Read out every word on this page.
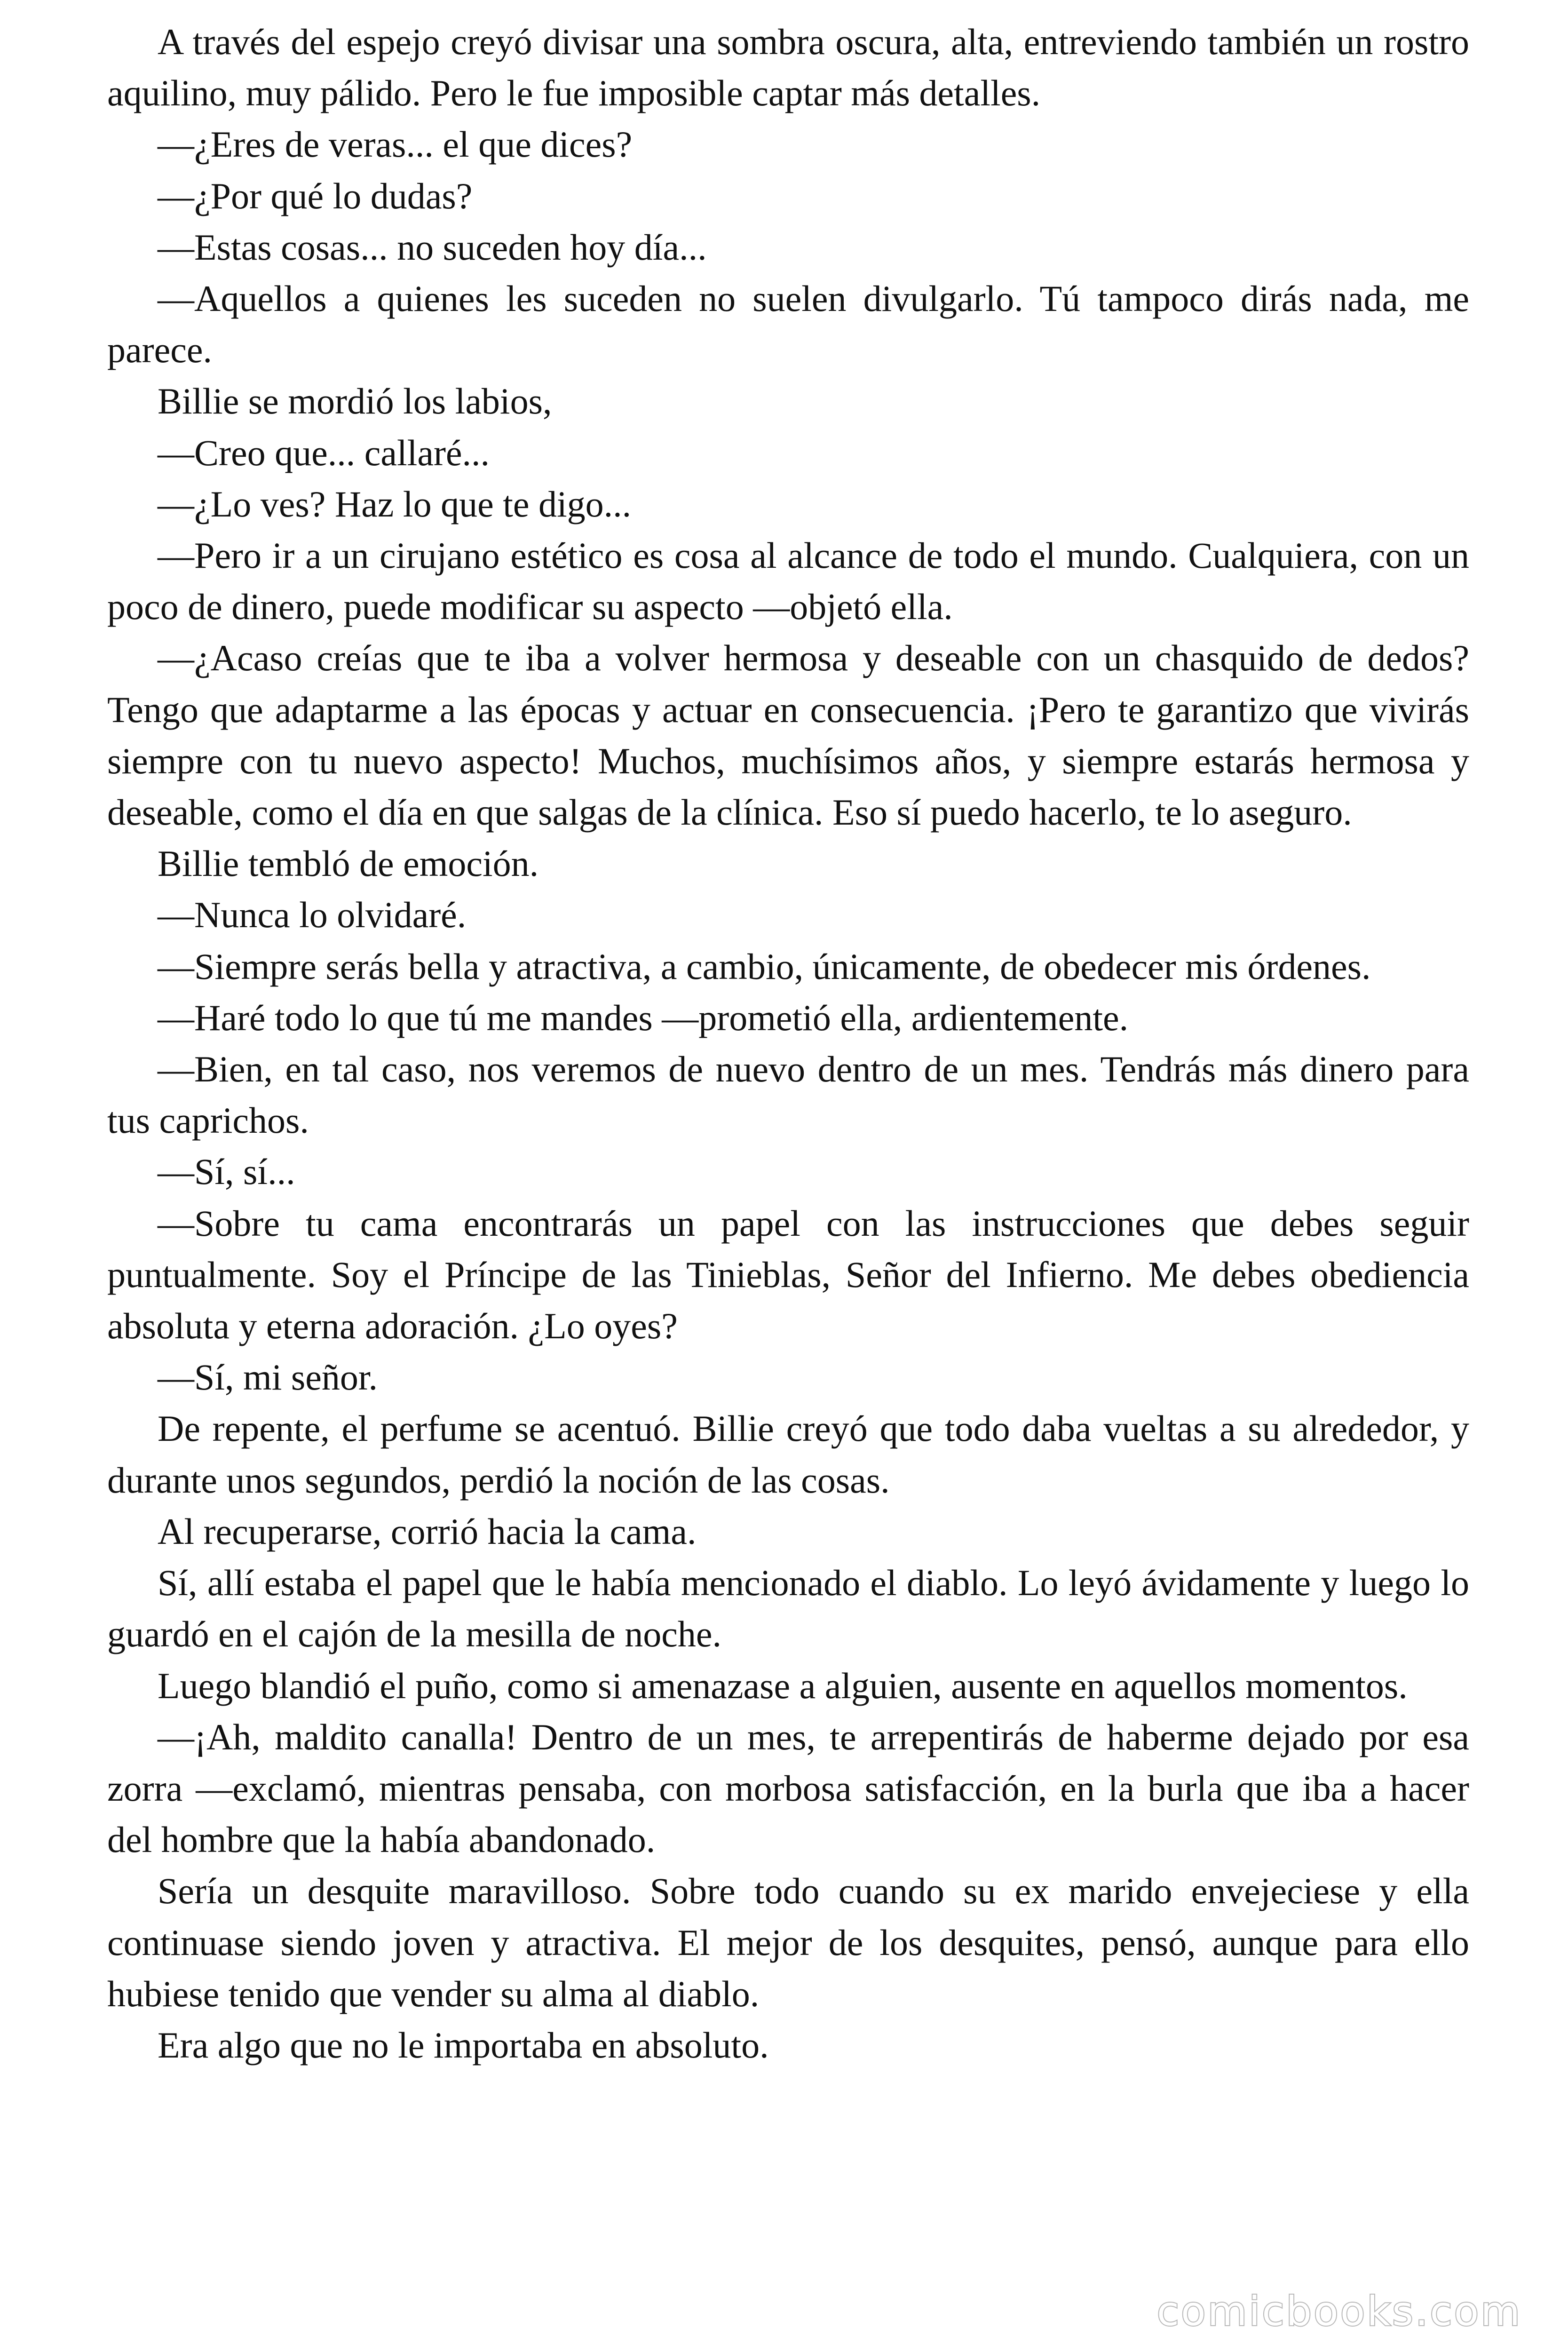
A través del espejo creyó divisar una sombra oscura, alta, entreviendo también un rostro aquilino, muy pálido. Pero le fue imposible captar más detalles.

—¿Eres de veras... el que dices?

—¿Por qué lo dudas?

—Estas cosas... no suceden hoy día...

—Aquellos a quienes les suceden no suelen divulgarlo. Tú tampoco dirás nada, me parece.

Billie se mordió los labios,

—Creo que... callaré...

—¿Lo ves? Haz lo que te digo...

—Pero ir a un cirujano estético es cosa al alcance de todo el mundo. Cualquiera, con un poco de dinero, puede modificar su aspecto —objetó ella.

—¿Acaso creías que te iba a volver hermosa y deseable con un chasquido de dedos? Tengo que adaptarme a las épocas y actuar en consecuencia. ¡Pero te garantizo que vivirás siempre con tu nuevo aspecto! Muchos, muchísimos años, y siempre estarás hermosa y deseable, como el día en que salgas de la clínica. Eso sí puedo hacerlo, te lo aseguro.

Billie tembló de emoción.

—Nunca lo olvidaré.

—Siempre serás bella y atractiva, a cambio, únicamente, de obedecer mis órdenes.

—Haré todo lo que tú me mandes —prometió ella, ardientemente.

—Bien, en tal caso, nos veremos de nuevo dentro de un mes. Tendrás más dinero para tus caprichos.

—Sí, sí...

—Sobre tu cama encontrarás un papel con las instrucciones que debes seguir puntualmente. Soy el Príncipe de las Tinieblas, Señor del Infierno. Me debes obediencia absoluta y eterna adoración. ¿Lo oyes?

—Sí, mi señor.

De repente, el perfume se acentuó. Billie creyó que todo daba vueltas a su alrededor, y durante unos segundos, perdió la noción de las cosas.

Al recuperarse, corrió hacia la cama.

Sí, allí estaba el papel que le había mencionado el diablo. Lo leyó ávidamente y luego lo guardó en el cajón de la mesilla de noche.

Luego blandió el puño, como si amenazase a alguien, ausente en aquellos momentos.

—¡Ah, maldito canalla! Dentro de un mes, te arrepentirás de haberme dejado por esa zorra —exclamó, mientras pensaba, con morbosa satisfacción, en la burla que iba a hacer del hombre que la había abandonado.

Sería un desquite maravilloso. Sobre todo cuando su ex marido envejeciese y ella continuase siendo joven y atractiva. El mejor de los desquites, pensó, aunque para ello hubiese tenido que vender su alma al diablo.

Era algo que no le importaba en absoluto.

comicbooks.com
